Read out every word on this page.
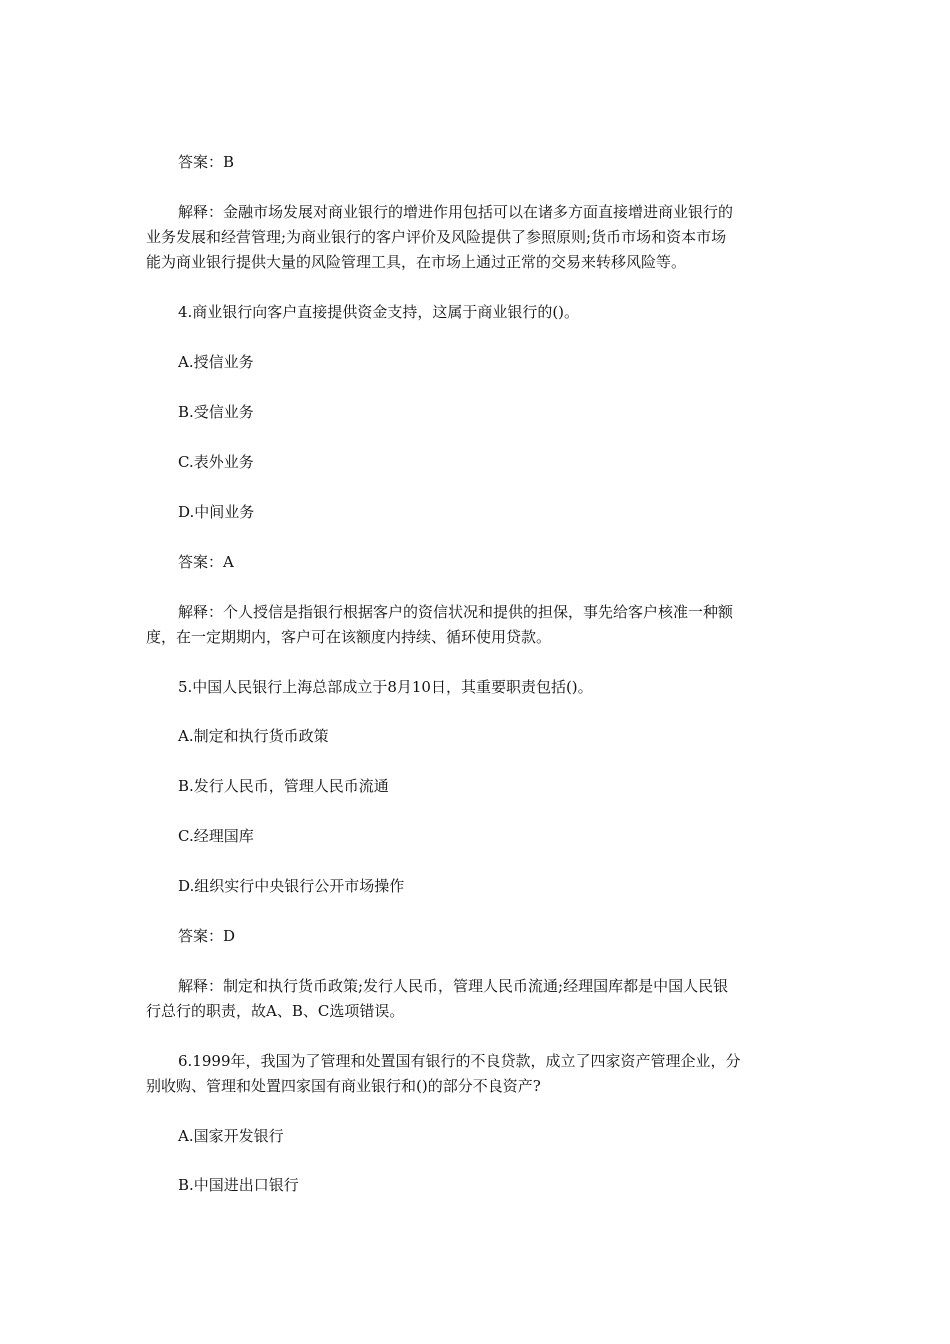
答案：B
解释：金融市场发展对商业银行的增进作用包括可以在诸多方面直接增进商业银行的
业务发展和经营管理;为商业银行的客户评价及风险提供了参照原则;货币市场和资本市场
能为商业银行提供大量的风险管理工具，在市场上通过正常的交易来转移风险等。
4.商业银行向客户直接提供资金支持，这属于商业银行的()。
A.授信业务
B.受信业务
C.表外业务
D.中间业务
答案：A
解释：个人授信是指银行根据客户的资信状况和提供的担保，事先给客户核准一种额
度，在一定期期内，客户可在该额度内持续、循环使用贷款。
5.中国人民银行上海总部成立于8月10日，其重要职责包括()。
A.制定和执行货币政策
B.发行人民币，管理人民币流通
C.经理国库
D.组织实行中央银行公开市场操作
答案：D
解释：制定和执行货币政策;发行人民币，管理人民币流通;经理国库都是中国人民银
行总行的职责，故A、B、C选项错误。
6.1999年，我国为了管理和处置国有银行的不良贷款，成立了四家资产管理企业，分
别收购、管理和处置四家国有商业银行和()的部分不良资产?
A.国家开发银行
B.中国进出口银行
